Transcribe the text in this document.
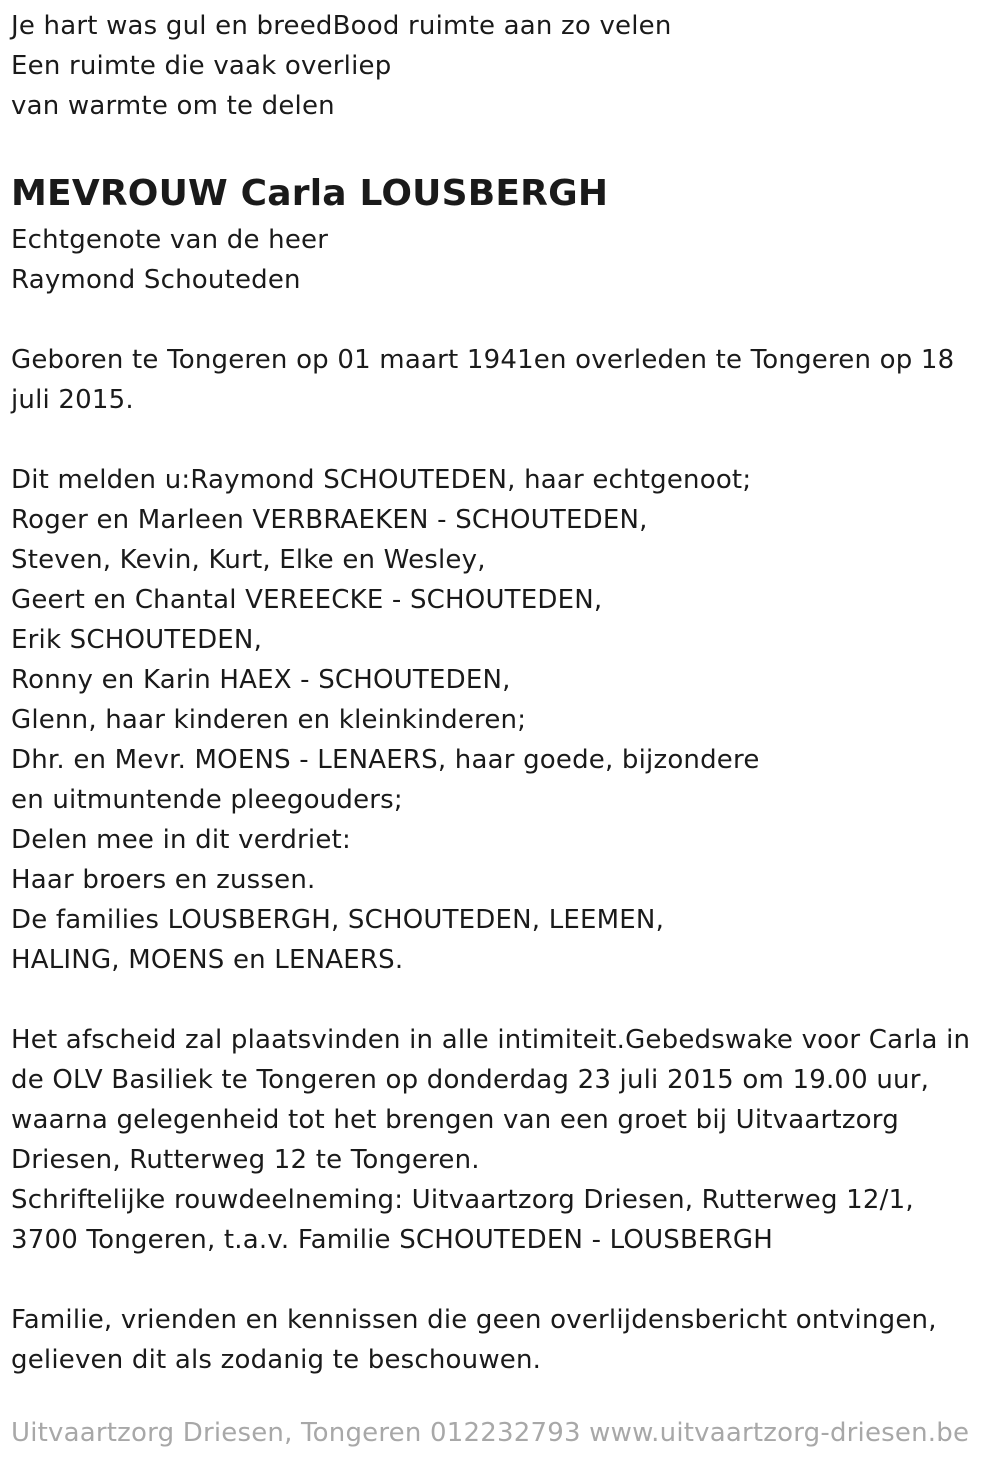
Je hart was gul en breedBood ruimte aan zo velen
Een ruimte die vaak overliep
van warmte om te delen
MEVROUW Carla LOUSBERGH
Echtgenote van de heer
Raymond Schouteden
Geboren te Tongeren op 01 maart 1941en overleden te Tongeren op 18 juli 2015.
Dit melden u:Raymond SCHOUTEDEN, haar echtgenoot;
Roger en Marleen VERBRAEKEN - SCHOUTEDEN,
Steven, Kevin, Kurt, Elke en Wesley,
Geert en Chantal VEREECKE - SCHOUTEDEN,
Erik SCHOUTEDEN,
Ronny en Karin HAEX - SCHOUTEDEN,
Glenn, haar kinderen en kleinkinderen;
Dhr. en Mevr. MOENS - LENAERS, haar goede, bijzondere
en uitmuntende pleegouders;
Delen mee in dit verdriet:
Haar broers en zussen.
De families LOUSBERGH, SCHOUTEDEN, LEEMEN,
HALING, MOENS en LENAERS.
Het afscheid zal plaatsvinden in alle intimiteit.Gebedswake voor Carla in de OLV Basiliek te Tongeren op donderdag 23 juli 2015 om 19.00 uur, waarna gelegenheid tot het brengen van een groet bij Uitvaartzorg Driesen, Rutterweg 12 te Tongeren.
Schriftelijke rouwdeelneming: Uitvaartzorg Driesen, Rutterweg 12/1, 3700 Tongeren, t.a.v. Familie SCHOUTEDEN - LOUSBERGH
Familie, vrienden en kennissen die geen overlijdensbericht ontvingen, gelieven dit als zodanig te beschouwen.
Uitvaartzorg Driesen, Tongeren 012232793 www.uitvaartzorg-driesen.be
